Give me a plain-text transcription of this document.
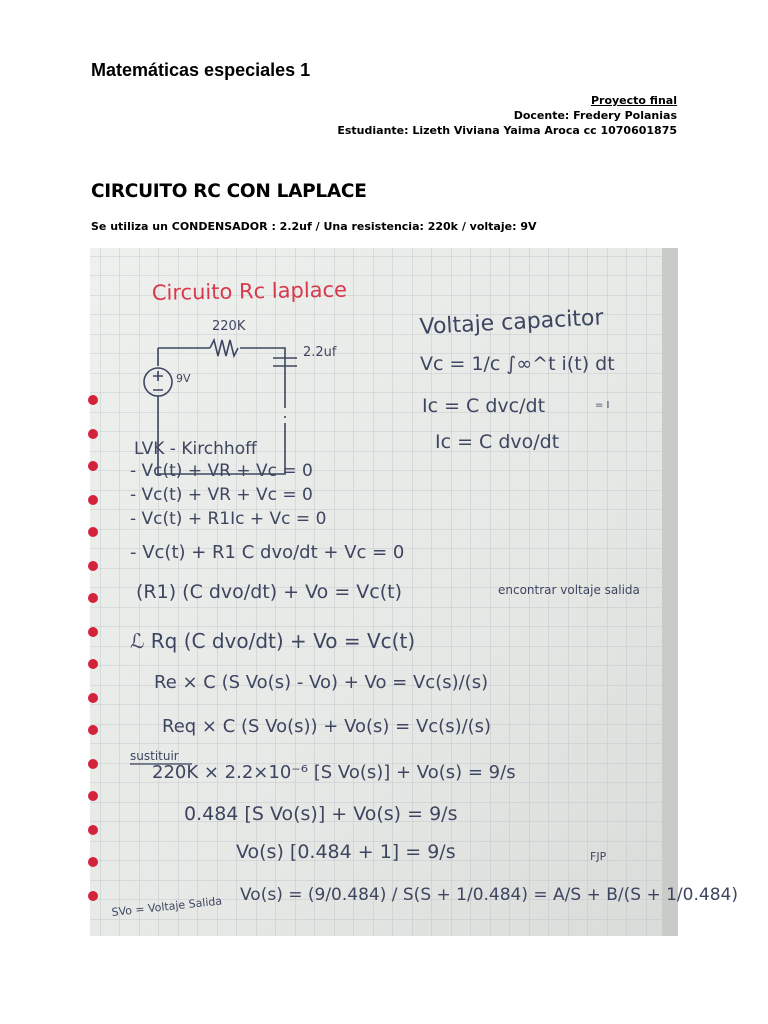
Matemáticas especiales 1
Proyecto final
Docente: Fredery Polanias
Estudiante: Lizeth Viviana Yaima Aroca cc 1070601875
CIRCUITO RC CON LAPLACE
Se utiliza un CONDENSADOR : 2.2uf / Una resistencia: 220k / voltaje: 9V
Circuito Rc laplace
220K
2.2uf
9V
Voltaje capacitor
Vc = 1/c ∫∞^t i(t) dt
Ic = C dvc/dt	= I
Ic = C dvo/dt
LVK - Kirchhoff
- Vc(t) + VR + Vc = 0
- Vc(t) + VR + Vc = 0
- Vc(t) + R1Ic + Vc = 0
- Vc(t) + R1 C dvo/dt + Vc = 0
(R1) (C dvo/dt) + Vo = Vc(t)	encontrar voltaje salida
ℒ Rq (C dvo/dt) + Vo = Vc(t)
Re × C (S Vo(s) - Vo) + Vo = Vc(s)/(s)
Req × C (S Vo(s)) + Vo(s) = Vc(s)/(s)
sustituir
220K × 2.2×10⁻⁶ [S Vo(s)] + Vo(s) = 9/s
0.484 [S Vo(s)] + Vo(s) = 9/s
Vo(s) [0.484 + 1] = 9/s	FJP
Vo(s) = (9/0.484) / S(S + 1/0.484) = A/S + B/(S + 1/0.484)
SVo = Voltaje Salida
